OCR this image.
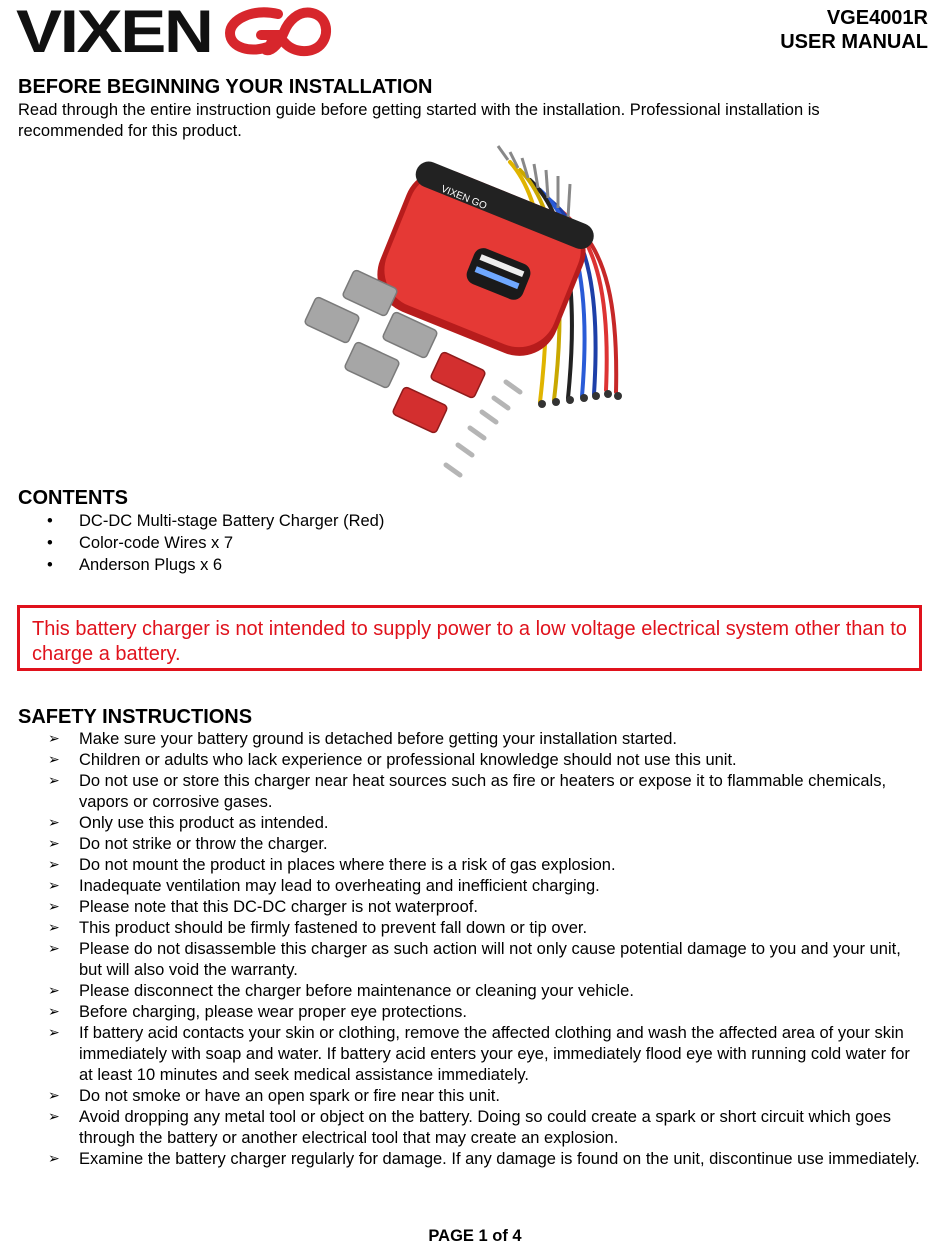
VIXEN	VGE4001R
USER MANUAL
BEFORE BEGINNING YOUR INSTALLATION
Read through the entire instruction guide before getting started with the installation. Professional installation is recommended for this product.
VIXEN GO
CONTENTS
• DC-DC Multi-stage Battery Charger (Red)
• Color-code Wires x 7
• Anderson Plugs x 6
This battery charger is not intended to supply power to a low voltage electrical system other than to charge a battery.
SAFETY INSTRUCTIONS
➢ Make sure your battery ground is detached before getting your installation started.
➢ Children or adults who lack experience or professional knowledge should not use this unit.
➢ Do not use or store this charger near heat sources such as fire or heaters or expose it to flammable chemicals, vapors or corrosive gases.
➢ Only use this product as intended.
➢ Do not strike or throw the charger.
➢ Do not mount the product in places where there is a risk of gas explosion.
➢ Inadequate ventilation may lead to overheating and inefficient charging.
➢ Please note that this DC-DC charger is not waterproof.
➢ This product should be firmly fastened to prevent fall down or tip over.
➢ Please do not disassemble this charger as such action will not only cause potential damage to you and your unit, but will also void the warranty.
➢ Please disconnect the charger before maintenance or cleaning your vehicle.
➢ Before charging, please wear proper eye protections.
➢ If battery acid contacts your skin or clothing, remove the affected clothing and wash the affected area of your skin immediately with soap and water. If battery acid enters your eye, immediately flood eye with running cold water for at least 10 minutes and seek medical assistance immediately.
➢ Do not smoke or have an open spark or fire near this unit.
➢ Avoid dropping any metal tool or object on the battery. Doing so could create a spark or short circuit which goes through the battery or another electrical tool that may create an explosion.
➢ Examine the battery charger regularly for damage. If any damage is found on the unit, discontinue use immediately.
PAGE 1 of 4
